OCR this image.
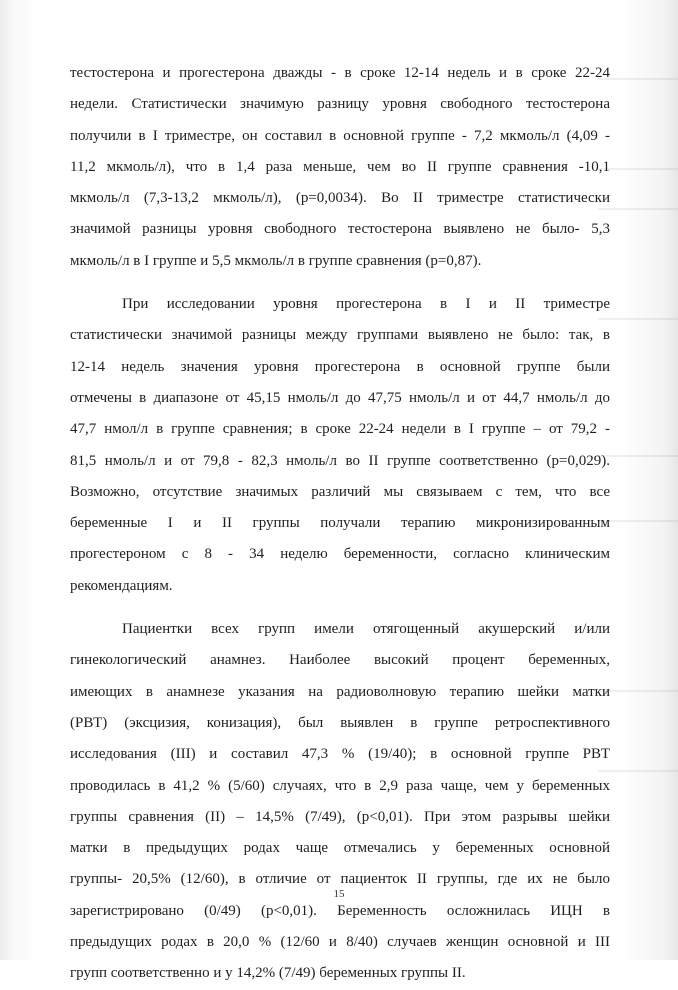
тестостерона и прогестерона дважды - в сроке 12-14 недель и в сроке 22-24
недели. Статистически значимую разницу уровня свободного тестостерона
получили в I триместре, он составил в основной группе - 7,2 мкмоль/л (4,09 -
11,2 мкмоль/л), что в 1,4 раза меньше, чем во II группе сравнения -10,1
мкмоль/л (7,3-13,2 мкмоль/л), (p=0,0034). Во II триместре статистически
значимой разницы уровня свободного тестостерона выявлено не было- 5,3
мкмоль/л в I группе и 5,5 мкмоль/л в группе сравнения (p=0,87).
При исследовании уровня прогестерона в I и II триместре
статистически значимой разницы между группами выявлено не было: так, в
12-14 недель значения уровня прогестерона в основной группе были
отмечены в диапазоне от 45,15 нмоль/л до 47,75 нмоль/л и от 44,7 нмоль/л до
47,7 нмол/л в группе сравнения; в сроке 22-24 недели в I группе – от 79,2 -
81,5 нмоль/л и от 79,8 - 82,3 нмоль/л во II группе соответственно (p=0,029).
Возможно, отсутствие значимых различий мы связываем с тем, что все
беременные I и II группы получали терапию микронизированным
прогестероном с 8 - 34 неделю беременности, согласно клиническим
рекомендациям.
Пациентки всех групп имели отягощенный акушерский и/или
гинекологический анамнез. Наиболее высокий процент беременных,
имеющих в анамнезе указания на радиоволновую терапию шейки матки
(РВТ) (эксцизия, конизация), был выявлен в группе ретроспективного
исследования (III) и составил 47,3 % (19/40); в основной группе РВТ
проводилась в 41,2 % (5/60) случаях, что в 2,9 раза чаще, чем у беременных
группы сравнения (II) – 14,5% (7/49), (p<0,01). При этом разрывы шейки
матки в предыдущих родах чаще отмечались у беременных основной
группы- 20,5% (12/60), в отличие от пациенток II группы, где их не было
зарегистрировано (0/49) (p<0,01). Беременность осложнилась ИЦН в
предыдущих родах в 20,0 % (12/60 и 8/40) случаев женщин основной и III
групп соответственно и у 14,2% (7/49) беременных группы II.
15
